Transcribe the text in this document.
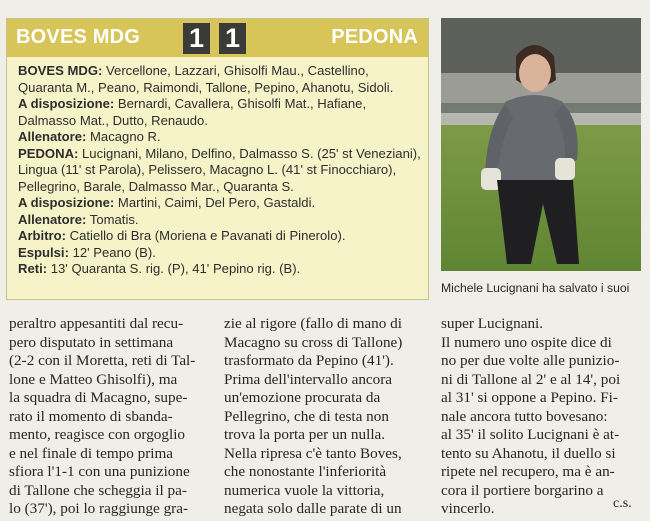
BOVES MDG 1 1	PEDONA

BOVES MDG: Vercellone, Lazzari, Ghisolfi Mau., Castellino, Quaranta M., Peano, Raimondi, Tallone, Pepino, Ahanotu, Sidoli.

A disposizione: Bernardi, Cavallera, Ghisolfi Mat., Hafiane, Dalmasso Mat., Dutto, Renaudo.

Allenatore: Macagno R.

PEDONA: Lucignani, Milano, Delfino, Dalmasso S. (25' st Veneziani), Lingua (11' st Parola), Pelissero, Macagno L. (41' st Finocchiaro), Pellegrino, Barale, Dalmasso Mar., Quaranta S.

A disposizione: Martini, Caimi, Del Pero, Gastaldi.

Allenatore: Tomatis.

Arbitro: Catiello di Bra (Moriena e Pavanati di Pinerolo).

Espulsi: 12' Peano (B).

Reti: 13' Quaranta S. rig. (P), 41' Pepino rig. (B).

Michele Lucignani ha salvato i suoi
peraltro appesantiti dal recu-
pero disputato in settimana
(2-2 con il Moretta, reti di Tal-
lone e Matteo Ghisolfi), ma
la squadra di Macagno, supe-
rato il momento di sbanda-
mento, reagisce con orgoglio
e nel finale di tempo prima
sfiora l'1-1 con una punizione
di Tallone che scheggia il pa-
lo (37'), poi lo raggiunge gra-
zie al rigore (fallo di mano di
Macagno su cross di Tallone)
trasformato da Pepino (41').
Prima dell'intervallo ancora
un'emozione procurata da
Pellegrino, che di testa non
trova la porta per un nulla.
Nella ripresa c'è tanto Boves,
che nonostante l'inferiorità
numerica vuole la vittoria,
negata solo dalle parate di un
super Lucignani.
Il numero uno ospite dice di
no per due volte alle punizio-
ni di Tallone al 2' e al 14', poi
al 31' si oppone a Pepino. Fi-
nale ancora tutto bovesano:
al 35' il solito Lucignani è at-
tento su Ahanotu, il duello si
ripete nel recupero, ma è an-
cora il portiere borgarino a
vincerlo.	c.s.
